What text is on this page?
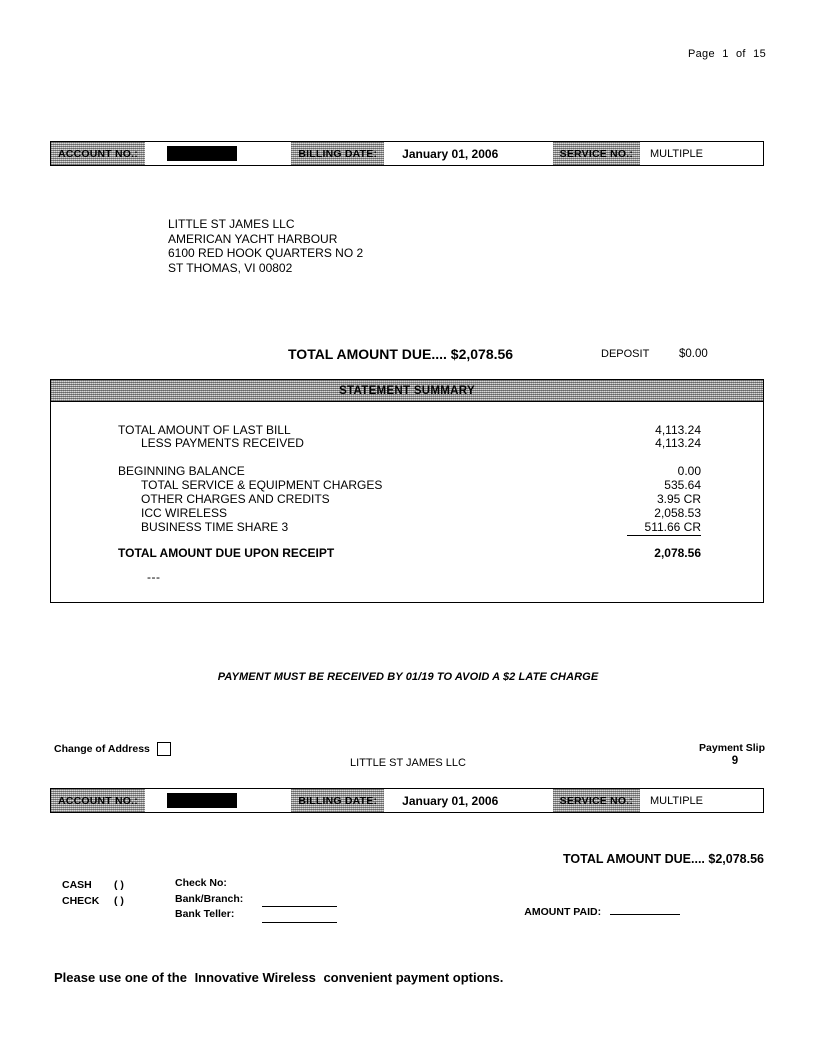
Page 1 of 15
ACCOUNT NO.:	BILLING DATE:	January 01, 2006	SERVICE NO.:	MULTIPLE
LITTLE ST JAMES LLC
AMERICAN YACHT HARBOUR
6100 RED HOOK QUARTERS NO 2
ST THOMAS, VI 00802
TOTAL AMOUNT DUE.... $2,078.56	DEPOSIT	$0.00
STATEMENT SUMMARY
TOTAL AMOUNT OF LAST BILL	4,113.24
LESS PAYMENTS RECEIVED	4,113.24
BEGINNING BALANCE	0.00
TOTAL SERVICE & EQUIPMENT CHARGES	535.64
OTHER CHARGES AND CREDITS	3.95 CR
ICC WIRELESS	2,058.53
BUSINESS TIME SHARE 3	511.66 CR
TOTAL AMOUNT DUE UPON RECEIPT	2,078.56
---
PAYMENT MUST BE RECEIVED BY 01/19 TO AVOID A $2 LATE CHARGE
Change of Address
LITTLE ST JAMES LLC
Payment Slip
9
ACCOUNT NO.:	BILLING DATE:	January 01, 2006	SERVICE NO.:	MULTIPLE
TOTAL AMOUNT DUE.... $2,078.56
CASH	( )
CHECK	( )
Check No:
Bank/Branch:
Bank Teller:	AMOUNT PAID:
Please use one of the Innovative Wireless convenient payment options.
